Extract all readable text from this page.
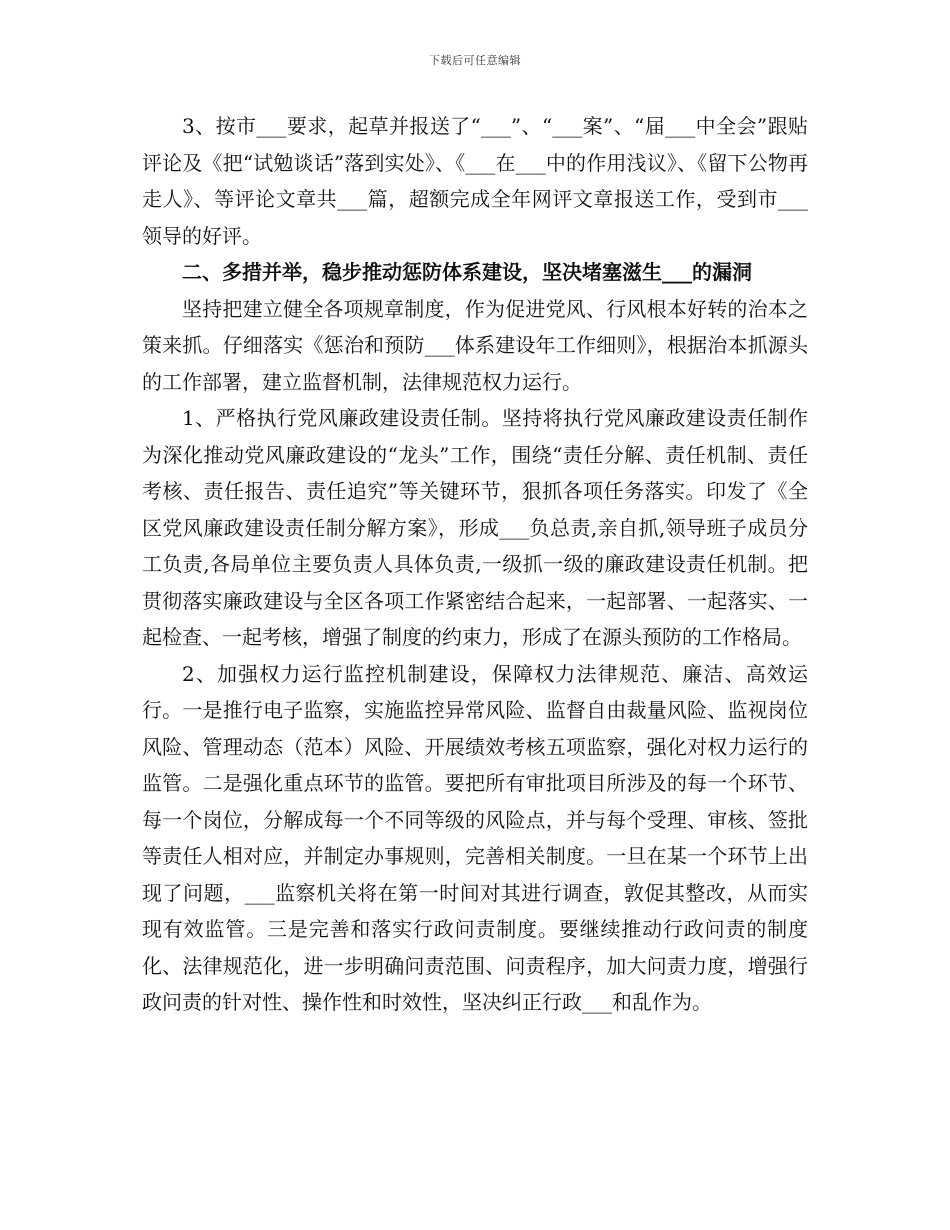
下载后可任意编辑

3、按市___要求，起草并报送了“___”、“___案”、“届___中全会”跟贴评论及《把“试勉谈话”落到实处》、《___在___中的作用浅议》、《留下公物再走人》、等评论文章共___篇，超额完成全年网评文章报送工作，受到市___领导的好评。

二、多措并举，稳步推动惩防体系建设，坚决堵塞滋生___的漏洞

坚持把建立健全各项规章制度，作为促进党风、行风根本好转的治本之策来抓。仔细落实《惩治和预防___体系建设年工作细则》，根据治本抓源头的工作部署，建立监督机制，法律规范权力运行。

1、严格执行党风廉政建设责任制。坚持将执行党风廉政建设责任制作为深化推动党风廉政建设的“龙头”工作，围绕“责任分解、责任机制、责任考核、责任报告、责任追究”等关键环节，狠抓各项任务落实。印发了《全区党风廉政建设责任制分解方案》，形成___负总责,亲自抓,领导班子成员分工负责,各局单位主要负责人具体负责,一级抓一级的廉政建设责任机制。把贯彻落实廉政建设与全区各项工作紧密结合起来，一起部署、一起落实、一起检查、一起考核，增强了制度的约束力，形成了在源头预防的工作格局。

2、加强权力运行监控机制建设，保障权力法律规范、廉洁、高效运行。一是推行电子监察，实施监控异常风险、监督自由裁量风险、监视岗位风险、管理动态（范本）风险、开展绩效考核五项监察，强化对权力运行的监管。二是强化重点环节的监管。要把所有审批项目所涉及的每一个环节、每一个岗位，分解成每一个不同等级的风险点，并与每个受理、审核、签批等责任人相对应，并制定办事规则，完善相关制度。一旦在某一个环节上出现了问题，___监察机关将在第一时间对其进行调查，敦促其整改，从而实现有效监管。三是完善和落实行政问责制度。要继续推动行政问责的制度化、法律规范化，进一步明确问责范围、问责程序，加大问责力度，增强行政问责的针对性、操作性和时效性，坚决纠正行政___和乱作为。
